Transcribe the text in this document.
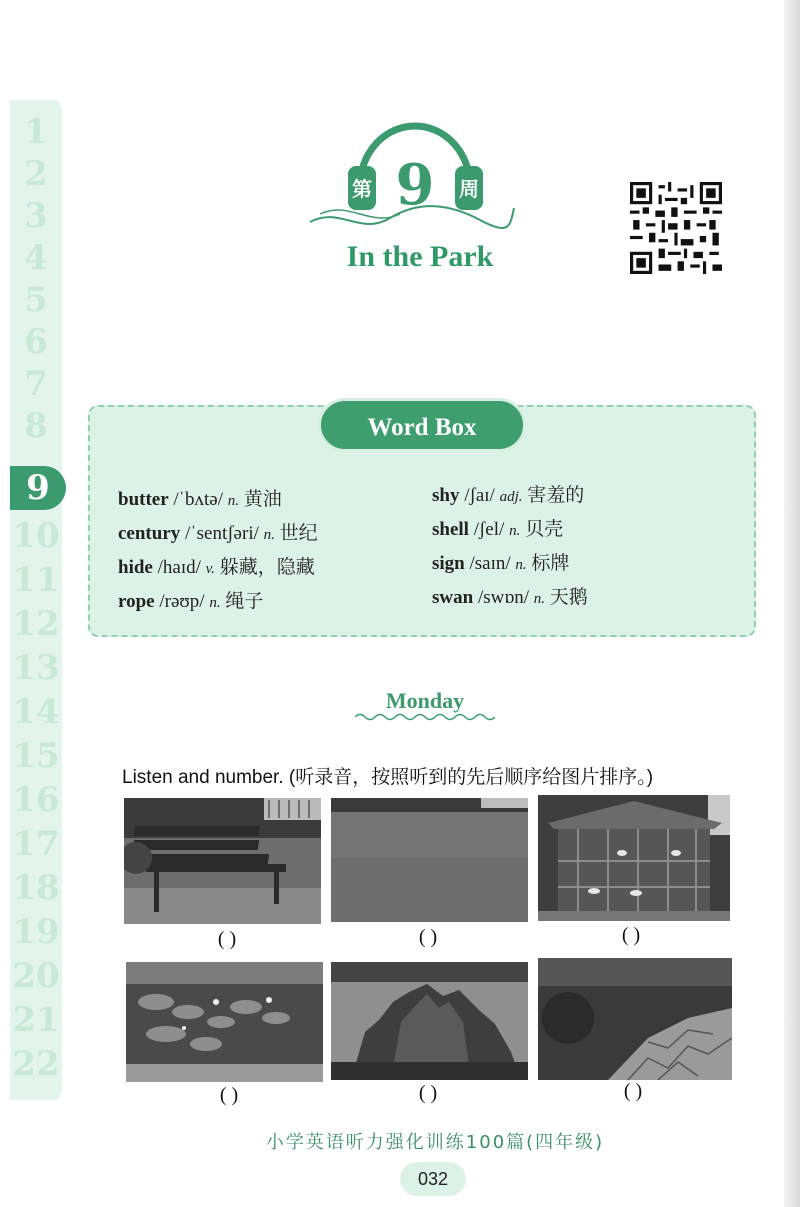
1
2
3
4
5
6
7
8
9
10
11
12
13
14
15
16
17
18
19
20
21
22
第 9 周
In the Park
Word Box
butter /ˈbʌtə/ n. 黄油
century /ˈsentʃəri/ n. 世纪
hide /haɪd/ v. 躲藏，隐藏
rope /rəʊp/ n. 绳子
shy /ʃaɪ/ adj. 害羞的
shell /ʃel/ n. 贝壳
sign /saɪn/ n. 标牌
swan /swɒn/ n. 天鹅
Monday
Listen and number. (听录音，按照听到的先后顺序给图片排序。)
( )	( )	( )
( )	( )	( )
小学英语听力强化训练100篇(四年级)
032
